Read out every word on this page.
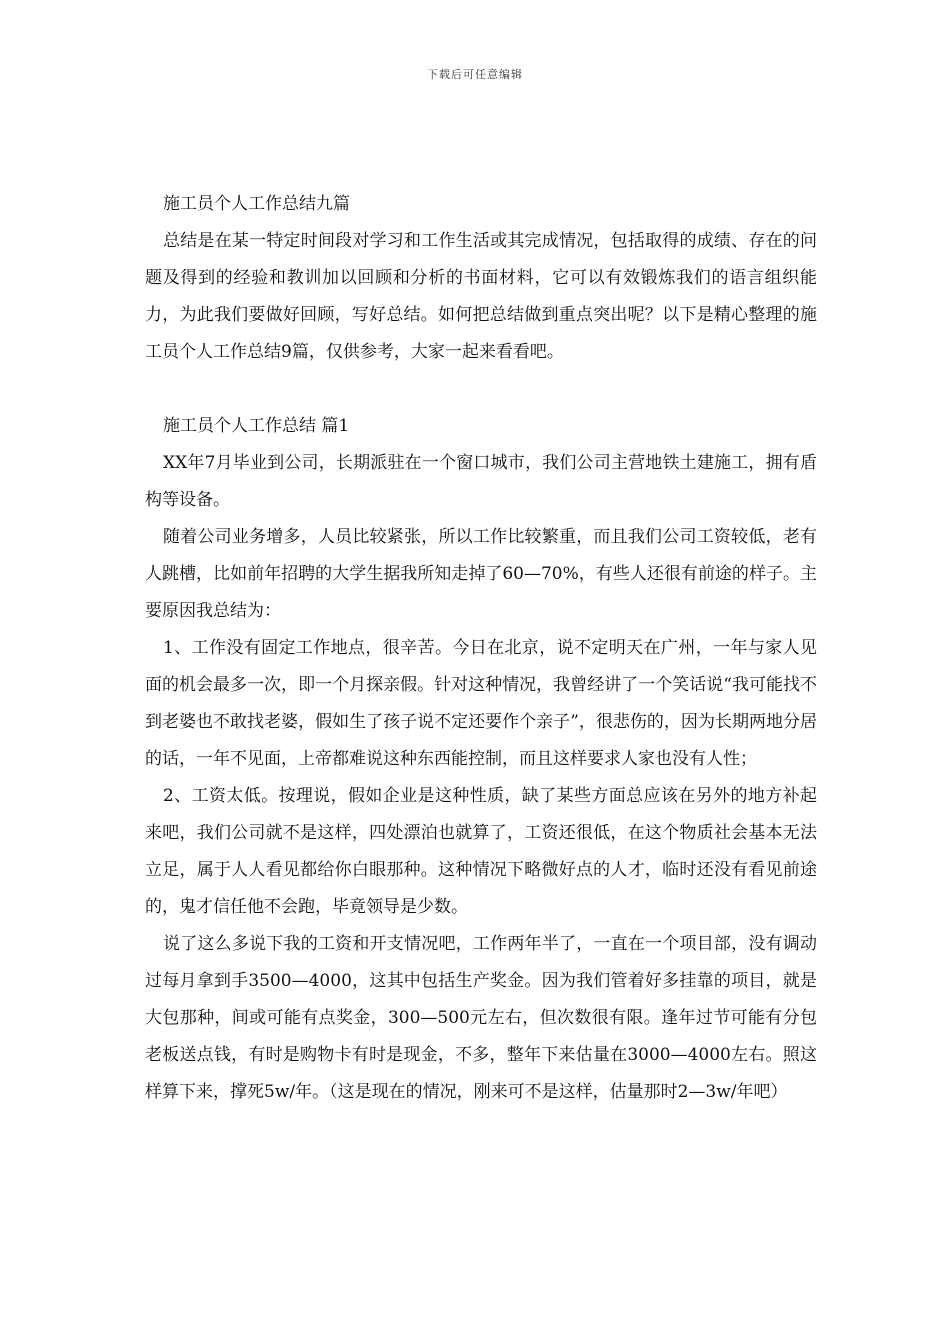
下载后可任意编辑

施工员个人工作总结九篇

总结是在某一特定时间段对学习和工作生活或其完成情况，包括取得的成绩、存在的问题及得到的经验和教训加以回顾和分析的书面材料，它可以有效锻炼我们的语言组织能力，为此我们要做好回顾，写好总结。如何把总结做到重点突出呢？以下是精心整理的施工员个人工作总结9篇，仅供参考，大家一起来看看吧。

施工员个人工作总结 篇1

XX年7月毕业到公司，长期派驻在一个窗口城市，我们公司主营地铁土建施工，拥有盾构等设备。

随着公司业务增多，人员比较紧张，所以工作比较繁重，而且我们公司工资较低，老有人跳槽，比如前年招聘的大学生据我所知走掉了60—70%，有些人还很有前途的样子。主要原因我总结为：

1、工作没有固定工作地点，很辛苦。今日在北京，说不定明天在广州，一年与家人见面的机会最多一次，即一个月探亲假。针对这种情况，我曾经讲了一个笑话说“我可能找不到老婆也不敢找老婆，假如生了孩子说不定还要作个亲子”，很悲伤的，因为长期两地分居的话，一年不见面，上帝都难说这种东西能控制，而且这样要求人家也没有人性；

2、工资太低。按理说，假如企业是这种性质，缺了某些方面总应该在另外的地方补起来吧，我们公司就不是这样，四处漂泊也就算了，工资还很低，在这个物质社会基本无法立足，属于人人看见都给你白眼那种。这种情况下略微好点的人才，临时还没有看见前途的，鬼才信任他不会跑，毕竟领导是少数。

说了这么多说下我的工资和开支情况吧，工作两年半了，一直在一个项目部，没有调动过每月拿到手3500—4000，这其中包括生产奖金。因为我们管着好多挂靠的项目，就是大包那种，间或可能有点奖金，300—500元左右，但次数很有限。逢年过节可能有分包老板送点钱，有时是购物卡有时是现金，不多，整年下来估量在3000—4000左右。照这样算下来，撑死5w/年。（这是现在的情况，刚来可不是这样，估量那时2—3w/年吧）
